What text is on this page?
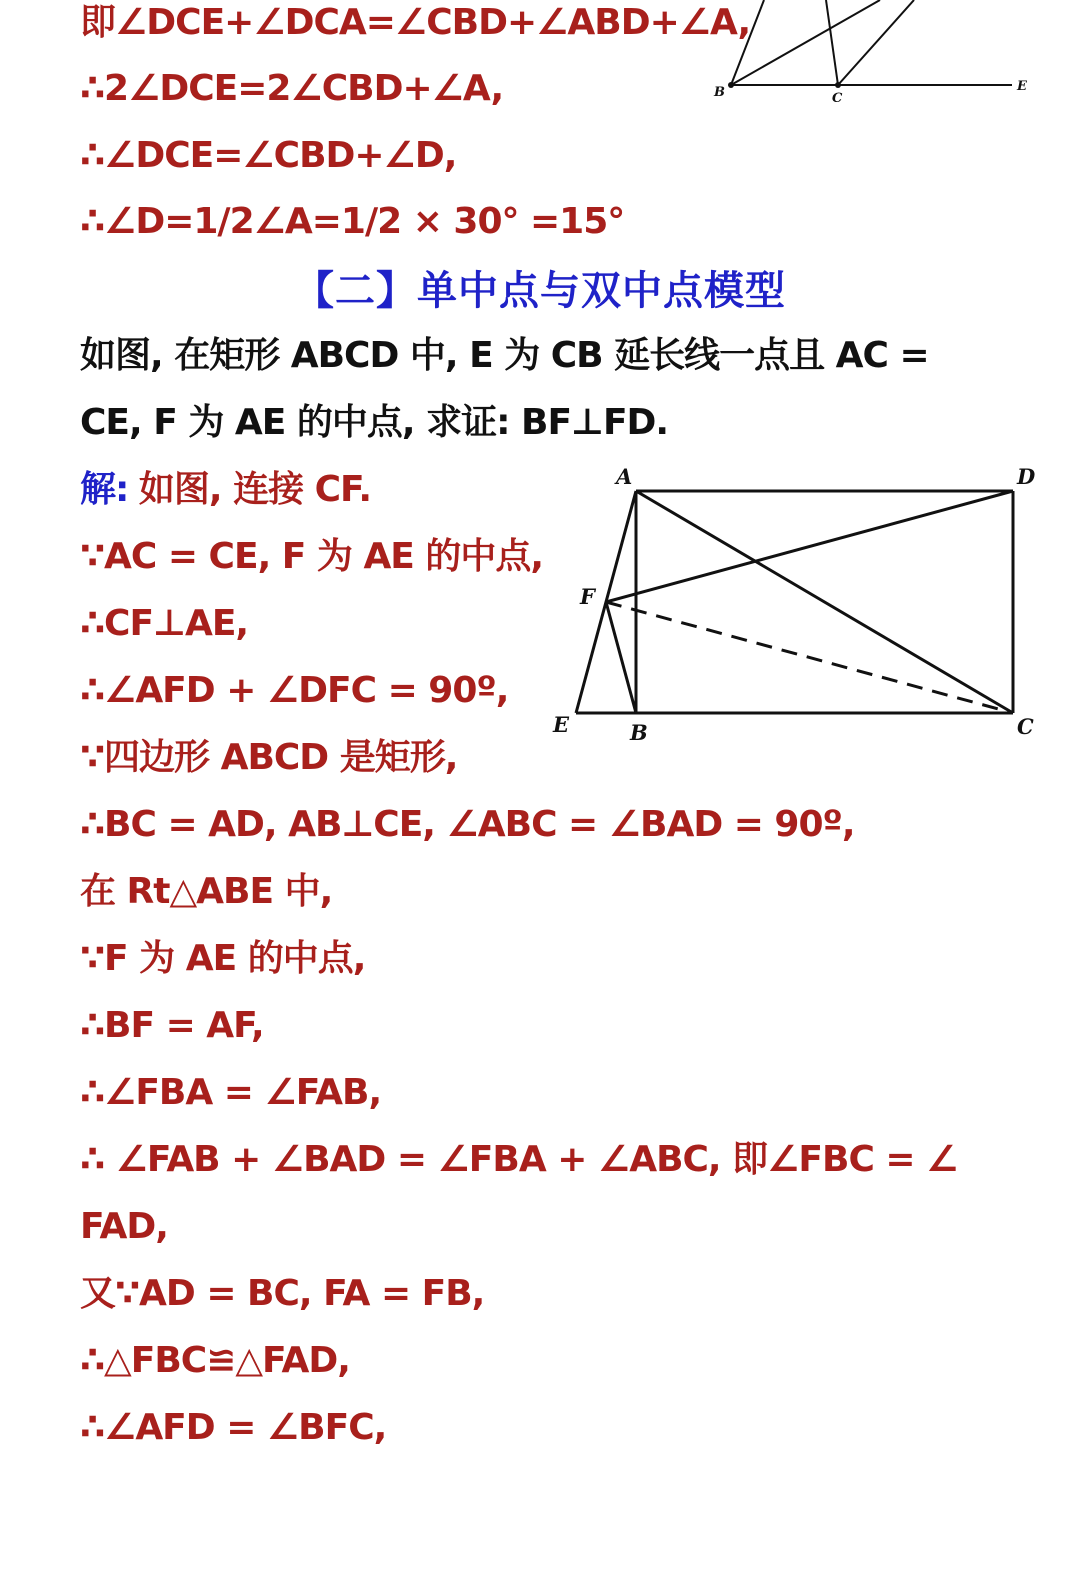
即∠DCE+∠DCA=∠CBD+∠ABD+∠A,
∴2∠DCE=2∠CBD+∠A,
∴∠DCE=∠CBD+∠D,
∴∠D=1/2∠A=1/2 × 30° =15°
B	C
E
【二】单中点与双中点模型
如图, 在矩形 ABCD 中, E 为 CB 延长线一点且 AC =
CE, F 为 AE 的中点, 求证: BF⊥FD.
解: 如图, 连接 CF.
∵AC = CE, F 为 AE 的中点,
∴CF⊥AE,
∴∠AFD + ∠DFC = 90º,
∵四边形 ABCD 是矩形,
∴BC = AD, AB⊥CE, ∠ABC = ∠BAD = 90º,
在 Rt△ABE 中,
∵F 为 AE 的中点,
∴BF = AF,
∴∠FBA = ∠FAB,
∴ ∠FAB + ∠BAD = ∠FBA + ∠ABC, 即∠FBC = ∠
FAD,
又∵AD = BC, FA = FB,
∴△FBC≌△FAD,
∴∠AFD = ∠BFC,
A	D
F
E	B	C
